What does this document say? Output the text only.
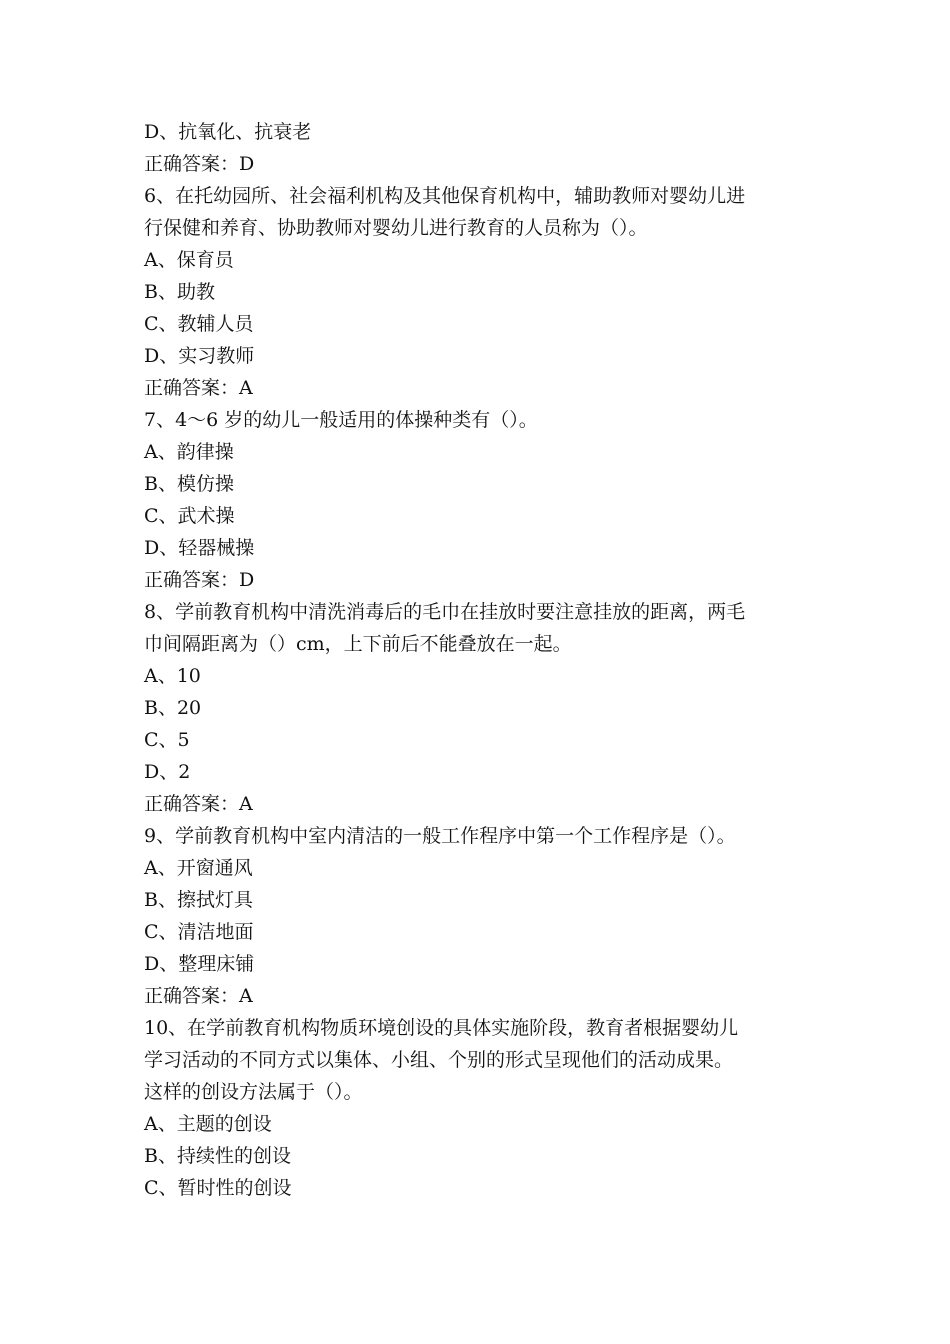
D、抗氧化、抗衰老
正确答案：D
6、在托幼园所、社会福利机构及其他保育机构中，辅助教师对婴幼儿进
行保健和养育、协助教师对婴幼儿进行教育的人员称为（）。
A、保育员
B、助教
C、教辅人员
D、实习教师
正确答案：A
7、4～6 岁的幼儿一般适用的体操种类有（）。
A、韵律操
B、模仿操
C、武术操
D、轻器械操
正确答案：D
8、学前教育机构中清洗消毒后的毛巾在挂放时要注意挂放的距离，两毛
巾间隔距离为（）cm，上下前后不能叠放在一起。
A、10
B、20
C、5
D、2
正确答案：A
9、学前教育机构中室内清洁的一般工作程序中第一个工作程序是（）。
A、开窗通风
B、擦拭灯具
C、清洁地面
D、整理床铺
正确答案：A
10、在学前教育机构物质环境创设的具体实施阶段，教育者根据婴幼儿
学习活动的不同方式以集体、小组、个别的形式呈现他们的活动成果。
这样的创设方法属于（）。
A、主题的创设
B、持续性的创设
C、暂时性的创设
